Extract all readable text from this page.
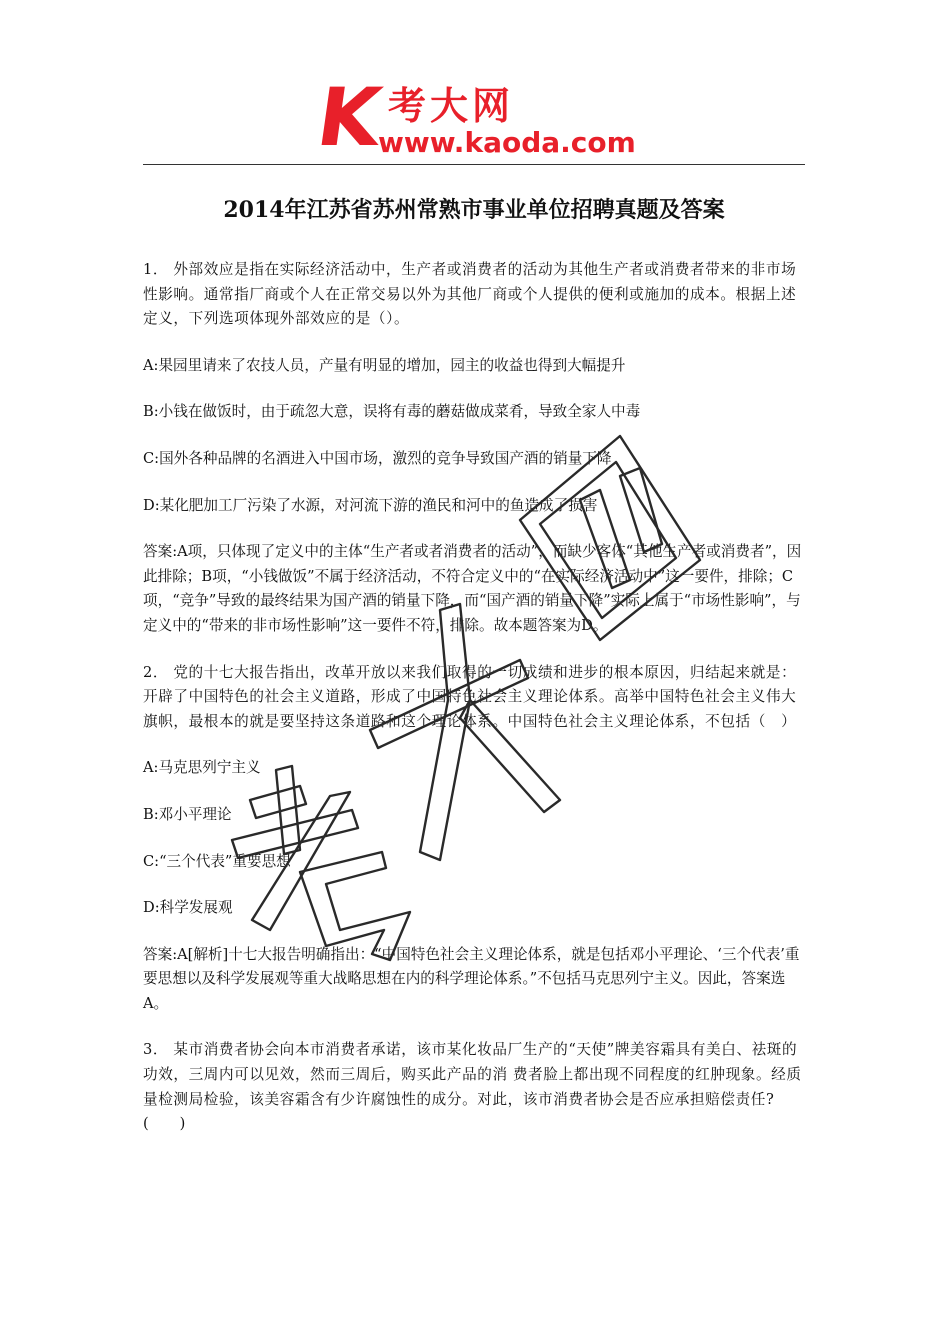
K 考大网
www.kaoda.com
2014年江苏省苏州常熟市事业单位招聘真题及答案

1． 外部效应是指在实际经济活动中，生产者或消费者的活动为其他生产者或消费者带来的非市场性影响。通常指厂商或个人在正常交易以外为其他厂商或个人提供的便利或施加的成本。根据上述定义，下列选项体现外部效应的是（）。

A:果园里请来了农技人员，产量有明显的增加，园主的收益也得到大幅提升

B:小钱在做饭时，由于疏忽大意，误将有毒的蘑菇做成菜肴，导致全家人中毒

C:国外各种品牌的名酒进入中国市场，激烈的竞争导致国产酒的销量下降

D:某化肥加工厂污染了水源，对河流下游的渔民和河中的鱼造成了损害

答案:A项，只体现了定义中的主体“生产者或者消费者的活动”，而缺少客体“其他生产者或消费者”，因此排除；B项，“小钱做饭”不属于经济活动，不符合定义中的“在实际经济活动中”这一要件，排除；C项，“竞争”导致的最终结果为国产酒的销量下降，而“国产酒的销量下降”实际上属于“市场性影响”，与定义中的“带来的非市场性影响”这一要件不符，排除。故本题答案为D。

2． 党的十七大报告指出，改革开放以来我们取得的一切成绩和进步的根本原因，归结起来就是：开辟了中国特色的社会主义道路，形成了中国特色社会主义理论体系。高举中国特色社会主义伟大旗帜，最根本的就是要坚持这条道路和这个理论体系。中国特色社会主义理论体系，不包括（　）

A:马克思列宁主义

B:邓小平理论

C:“三个代表”重要思想

D:科学发展观

答案:A[解析]十七大报告明确指出：“中国特色社会主义理论体系，就是包括邓小平理论、‘三个代表’重要思想以及科学发展观等重大战略思想在内的科学理论体系。”不包括马克思列宁主义。因此，答案选A。

3． 某市消费者协会向本市消费者承诺，该市某化妆品厂生产的“天使”牌美容霜具有美白、祛斑的功效，三周内可以见效，然而三周后，购买此产品的消 费者脸上都出现不同程度的红肿现象。经质量检测局检验，该美容霜含有少许腐蚀性的成分。对此，该市消费者协会是否应承担赔偿责任?(　　)
